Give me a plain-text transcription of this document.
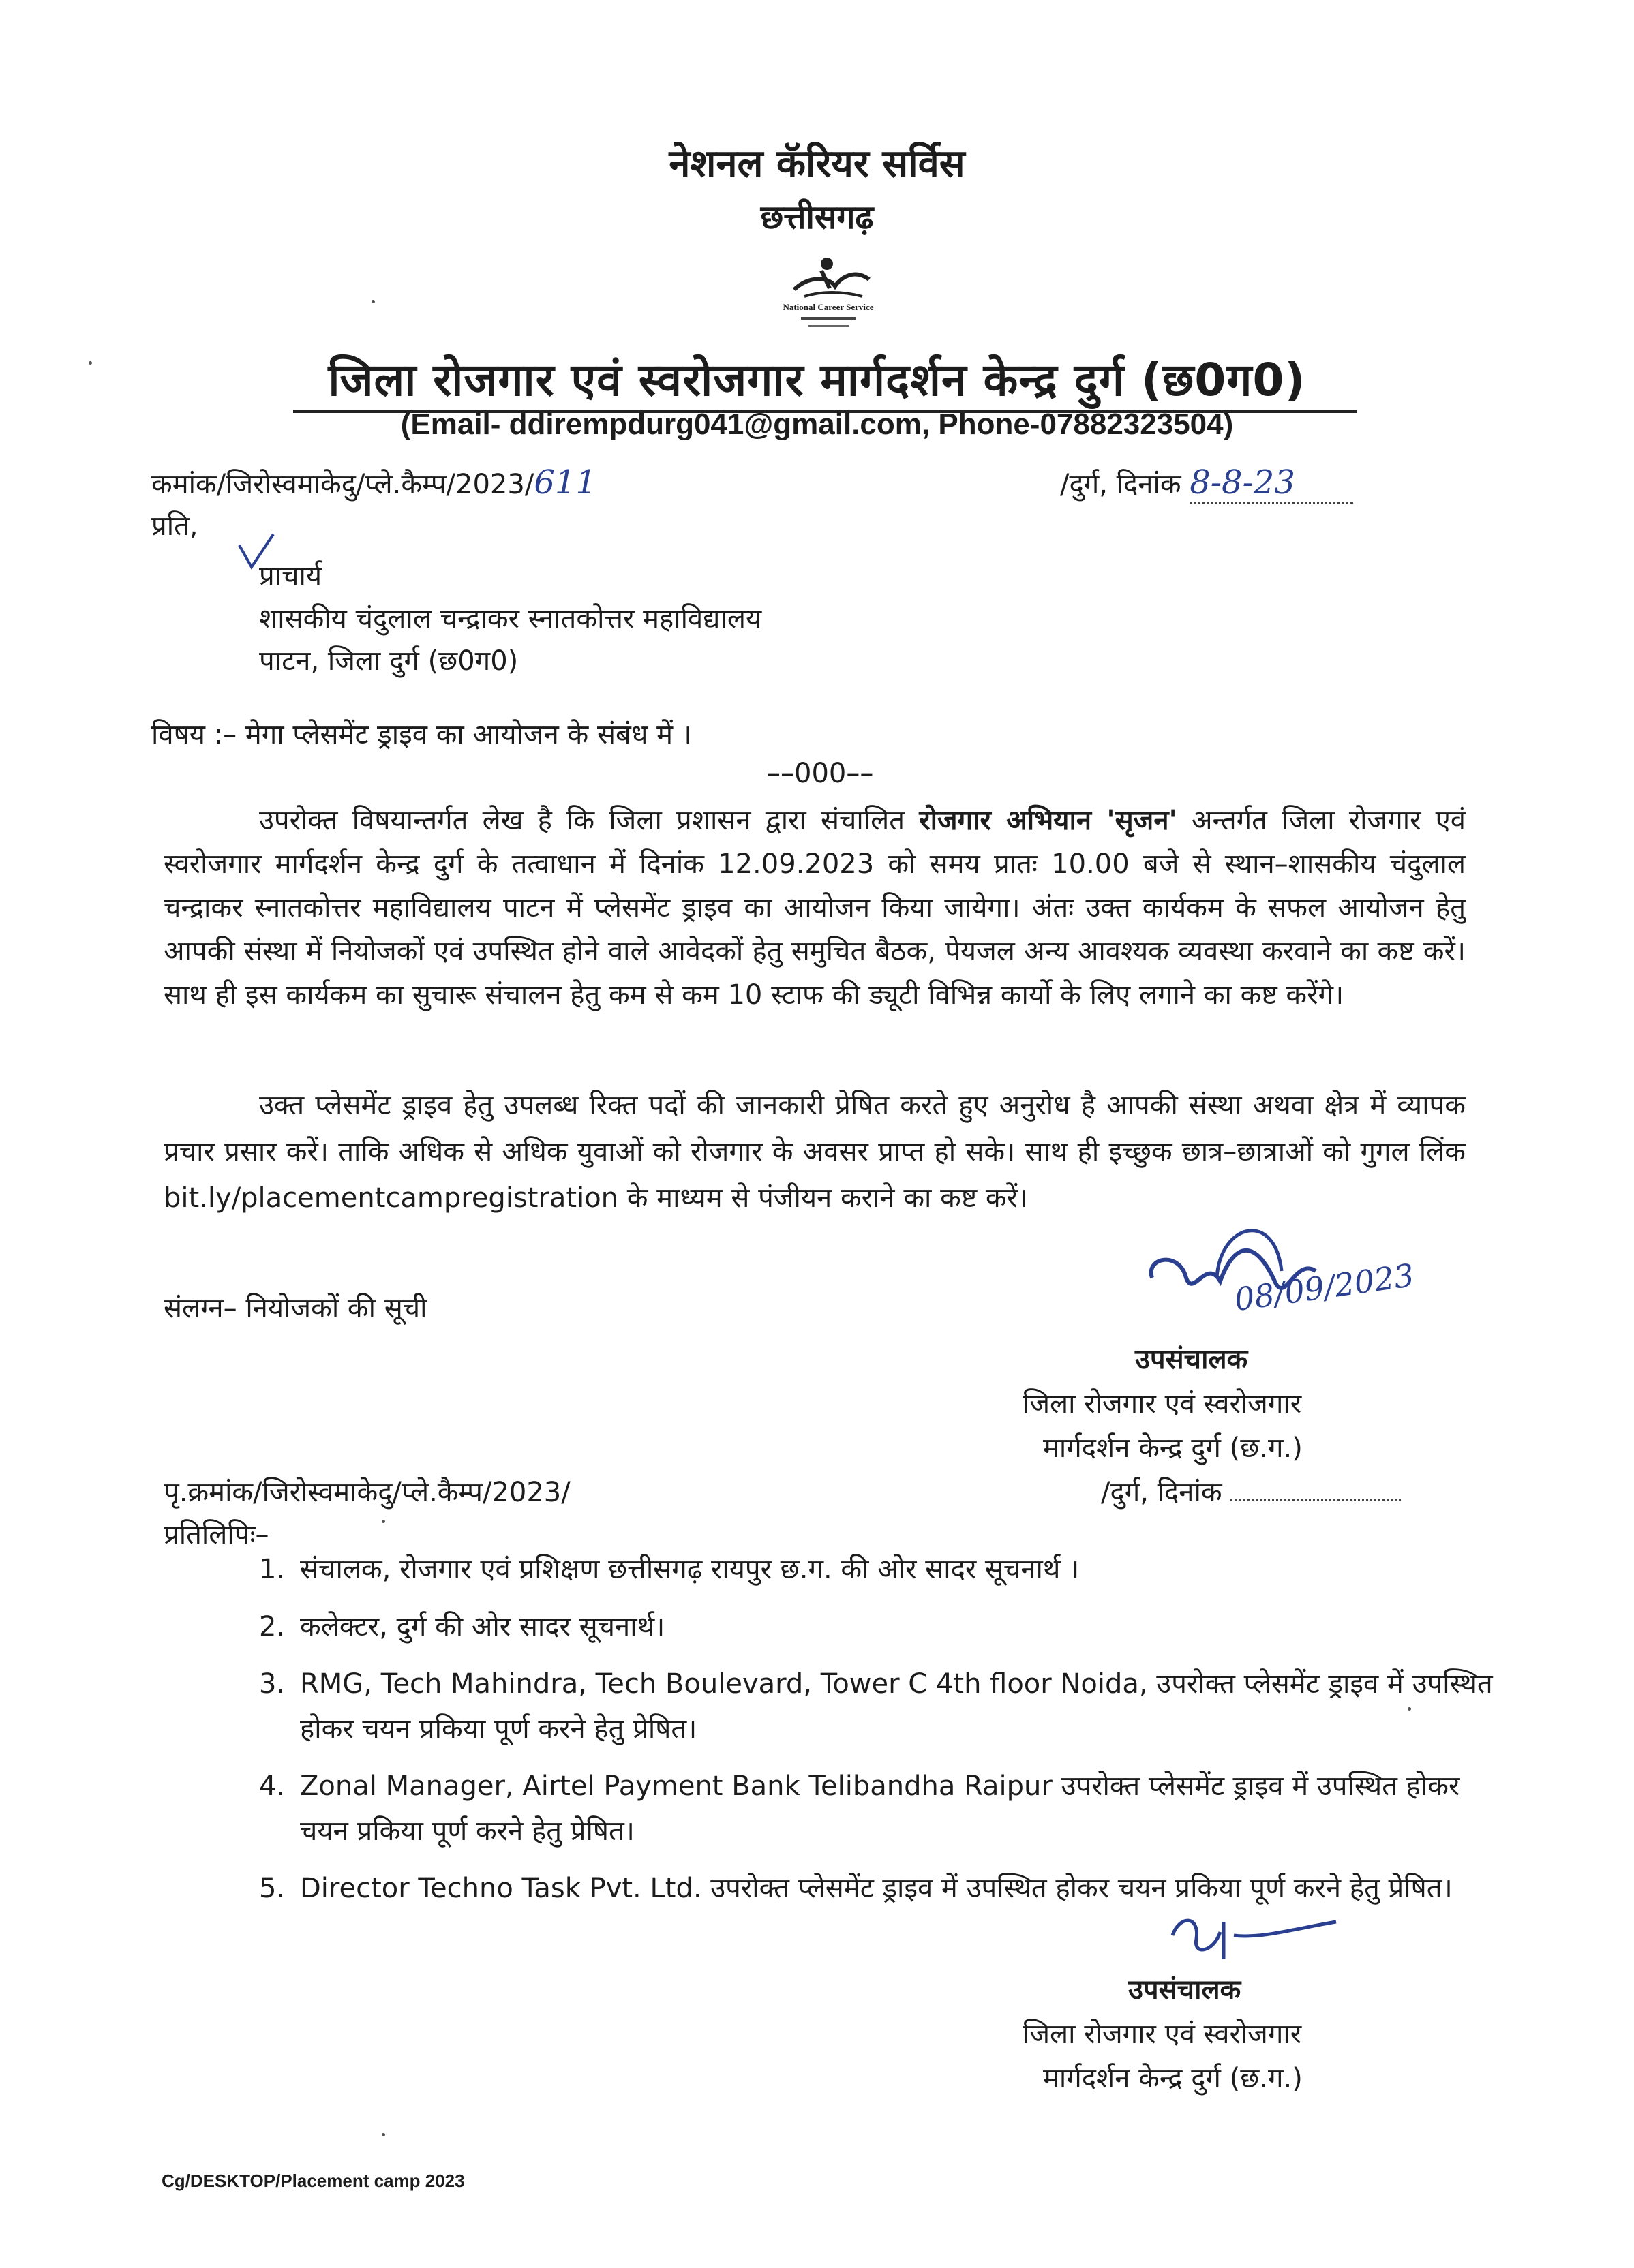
नेशनल कॅरियर सर्विस
छत्तीसगढ़
National Career Service
जिला रोजगार एवं स्वरोजगार मार्गदर्शन केन्द्र दुर्ग (छ0ग0)
(Email- ddirempdurg041@gmail.com, Phone-07882323504)
कमांक/जिरोस्वमाकेदु/प्ले.कैम्प/2023/611	/दुर्ग, दिनांक 8-8-23
प्रति,
प्राचार्य
शासकीय चंदुलाल चन्द्राकर स्नातकोत्तर महाविद्यालय
पाटन, जिला दुर्ग (छ0ग0)
विषय :– मेगा प्लेसमेंट ड्राइव का आयोजन के संबंध में ।
––000––
उपरोक्त विषयान्तर्गत लेख है कि जिला प्रशासन द्वारा संचालित रोजगार अभियान 'सृजन' अन्तर्गत जिला रोजगार एवं स्वरोजगार मार्गदर्शन केन्द्र दुर्ग के तत्वाधान में दिनांक 12.09.2023 को समय प्रातः 10.00 बजे से स्थान–शासकीय चंदुलाल चन्द्राकर स्नातकोत्तर महाविद्यालय पाटन में प्लेसमेंट ड्राइव का आयोजन किया जायेगा। अंतः उक्त कार्यकम के सफल आयोजन हेतु आपकी संस्था में नियोजकों एवं उपस्थित होने वाले आवेदकों हेतु समुचित बैठक, पेयजल अन्य आवश्यक व्यवस्था करवाने का कष्ट करें। साथ ही इस कार्यकम का सुचारू संचालन हेतु कम से कम 10 स्टाफ की ड्यूटी विभिन्न कार्यो के लिए लगाने का कष्ट करेंगे।
उक्त प्लेसमेंट ड्राइव हेतु उपलब्ध रिक्त पदों की जानकारी प्रेषित करते हुए अनुरोध है आपकी संस्था अथवा क्षेत्र में व्यापक प्रचार प्रसार करें। ताकि अधिक से अधिक युवाओं को रोजगार के अवसर प्राप्त हो सके। साथ ही इच्छुक छात्र–छात्राओं को गुगल लिंक bit.ly/placementcampregistration के माध्यम से पंजीयन कराने का कष्ट करें।
संलग्न– नियोजकों की सूची	08/09/2023
उपसंचालक
जिला रोजगार एवं स्वरोजगार
मार्गदर्शन केन्द्र दुर्ग (छ.ग.)
पृ.क्रमांक/जिरोस्वमाकेदु/प्ले.कैम्प/2023/	/दुर्ग, दिनांक
प्रतिलिपिः–
1. संचालक, रोजगार एवं प्रशिक्षण छत्तीसगढ़ रायपुर छ.ग. की ओर सादर सूचनार्थ ।
2. कलेक्टर, दुर्ग की ओर सादर सूचनार्थ।
3. RMG, Tech Mahindra, Tech Boulevard, Tower C 4th floor Noida, उपरोक्त प्लेसमेंट ड्राइव में उपस्थित होकर चयन प्रकिया पूर्ण करने हेतु प्रेषित।
4. Zonal Manager, Airtel Payment Bank Telibandha Raipur उपरोक्त प्लेसमेंट ड्राइव में उपस्थित होकर चयन प्रकिया पूर्ण करने हेतु प्रेषित।
5. Director Techno Task Pvt. Ltd. उपरोक्त प्लेसमेंट ड्राइव में उपस्थित होकर चयन प्रकिया पूर्ण करने हेतु प्रेषित।
उपसंचालक
जिला रोजगार एवं स्वरोजगार
मार्गदर्शन केन्द्र दुर्ग (छ.ग.)
Cg/DESKTOP/Placement camp 2023
